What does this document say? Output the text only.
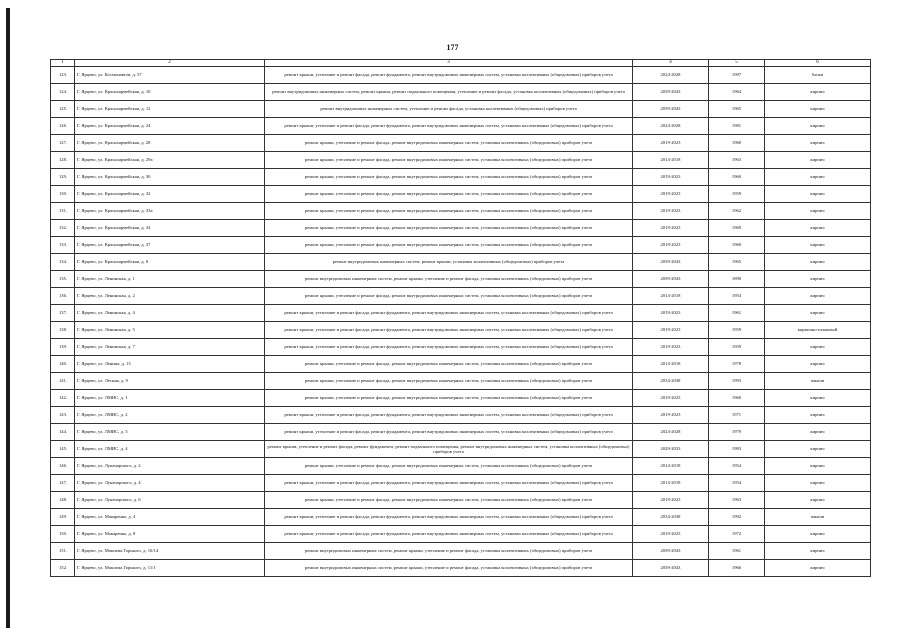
177
1	2	3	4	5	6
123.	Г. Ярцево, ул. Космонавтов, д. 57	ремонт крыши, утепление и ремонт фасада, ремонт фундамента, ремонт внутридомовых инженерных систем, установка коллективных (общедомовых) приборов учета	2024-2028	1997	блоки
124.	Г. Ярцево, ул. Красноармейская, д. 10	ремонт внутридомовых инженерных систем, ремонт крыши, ремонт подвального помещения, утепление и ремонт фасада, установка коллективных (общедомовых) приборов учета	2039-2043	1964	кирпич
125.	Г. Ярцево, ул. Красноармейская, д. 12	ремонт внутридомовых инженерных систем, утепление и ремонт фасада, установка коллективных (общедомовых) приборов учета	2039-2043	1965	кирпич
126.	Г. Ярцево, ул. Красноармейская, д. 24	ремонт крыши, утепление и ремонт фасада, ремонт фундамента, ремонт внутридомовых инженерных систем, установка коллективных (общедомовых) приборов учета	2024-2028	1981	кирпич
127.	Г. Ярцево, ул. Красноармейская, д. 28	ремонт крыши, утепление и ремонт фасада, ремонт внутридомовых инженерных систем, установка коллективных (общедомовых) приборов учета	2019-2023	1960	кирпич
128.	Г. Ярцево, ул. Красноармейская, д. 29а	ремонт крыши, утепление и ремонт фасада, ремонт внутридомовых инженерных систем, установка коллективных (общедомовых) приборов учета	2014-2018	1963	кирпич
129.	Г. Ярцево, ул. Красноармейская, д. 30	ремонт крыши, утепление и ремонт фасада, ремонт внутридомовых инженерных систем, установка коллективных (общедомовых) приборов учета	2019-2023	1960	кирпич
130.	Г. Ярцево, ул. Красноармейская, д. 32	ремонт крыши, утепление и ремонт фасада, ремонт внутридомовых инженерных систем, установка коллективных (общедомовых) приборов учета	2019-2023	1959	кирпич
131.	Г. Ярцево, ул. Красноармейская, д. 33а	ремонт крыши, утепление и ремонт фасада, ремонт внутридомовых инженерных систем, установка коллективных (общедомовых) приборов учета	2019-2023	1962	кирпич
132.	Г. Ярцево, ул. Красноармейская, д. 34	ремонт крыши, утепление и ремонт фасада, ремонт внутридомовых инженерных систем, установка коллективных (общедомовых) приборов учета	2019-2023	1960	кирпич
133.	Г. Ярцево, ул. Красноармейская, д. 37	ремонт крыши, утепление и ремонт фасада, ремонт внутридомовых инженерных систем, установка коллективных (общедомовых) приборов учета	2019-2023	1960	кирпич
134.	Г. Ярцево, ул. Красноармейская, д. 8	ремонт внутридомовых инженерных систем, ремонт крыши, установка коллективных (общедомовых) приборов учета	2039-2043	1965	кирпич
135.	Г. Ярцево, ул. Ленинская, д. 1	ремонт внутридомовых инженерных систем, ремонт крыши, утепление и ремонт фасада, установка коллективных (общедомовых) приборов учета	2039-2043	1890	кирпич
136.	Г. Ярцево, ул. Ленинская, д. 2	ремонт крыши, утепление и ремонт фасада, ремонт внутридомовых инженерных систем, установка коллективных (общедомовых) приборов учета	2014-2018	1954	кирпич
137.	Г. Ярцево, ул. Ленинская, д. 4	ремонт крыши, утепление и ремонт фасада, ремонт фундамента, ремонт внутридомовых инженерных систем, установка коллективных (общедомовых) приборов учета	2019-2023	1961	кирпич
138.	Г. Ярцево, ул. Ленинская, д. 5	ремонт крыши, утепление и ремонт фасада, ремонт фундамента, ремонт внутридомовых инженерных систем, установка коллективных (общедомовых) приборов учета	2019-2023	1959	кирпично-шлаковой
139.	Г. Ярцево, ул. Ленинская, д. 7	ремонт крыши, утепление и ремонт фасада, ремонт фундамента, ремонт внутридомовых инженерных систем, установка коллективных (общедомовых) приборов учета	2019-2023	1959	кирпич
140.	Г. Ярцево, ул. Ленина, д. 15	ремонт крыши, утепление и ремонт фасада, ремонт внутридомовых инженерных систем, установка коллективных (общедомовых) приборов учета	2014-2018	1978	кирпич
141.	Г. Ярцево, ул. Лесная, д. 9	ремонт крыши, утепление и ремонт фасада, ремонт внутридомовых инженерных систем, установка коллективных (общедомовых) приборов учета	2034-2038	1993	панели
142.	Г. Ярцево, ул. ЛМИС, д. 1	ремонт крыши, утепление и ремонт фасада, ремонт внутридомовых инженерных систем, установка коллективных (общедомовых) приборов учета	2019-2023	1960	кирпич
143.	Г. Ярцево, ул. ЛМИС, д. 2	ремонт крыши, утепление и ремонт фасада, ремонт фундамента, ремонт внутридомовых инженерных систем, установка коллективных (общедомовых) приборов учета	2019-2023	1971	кирпич
144.	Г. Ярцево, ул. ЛМИС, д. 3	ремонт крыши, утепление и ремонт фасада, ремонт фундамента, ремонт внутридомовых инженерных систем, установка коллективных (общедомовых) приборов учета	2024-2028	1979	кирпич
145.	Г. Ярцево, ул. ЛМИС, д. 4	ремонт крыши, утепление и ремонт фасада, ремонт фундамента, ремонт подвального помещения, ремонт внутридомовых инженерных систем, установка коллективных (общедомовых) приборов учета	2029-2033	1983	кирпич
146.	Г. Ярцево, ул. Луначарского, д. 2	ремонт крыши, утепление и ремонт фасада, ремонт внутридомовых инженерных систем, установка коллективных (общедомовых) приборов учета	2014-2018	1954	кирпич
147.	Г. Ярцево, ул. Луначарского, д. 4	ремонт крыши, утепление и ремонт фасада, ремонт фундамента, ремонт внутридомовых инженерных систем, установка коллективных (общедомовых) приборов учета	2014-2018	1954	кирпич
148.	Г. Ярцево, ул. Луначарского, д. 6	ремонт крыши, утепление и ремонт фасада, ремонт внутридомовых инженерных систем, установка коллективных (общедомовых) приборов учета	2019-2023	1963	кирпич
149.	Г. Ярцево, ул. Макаренко, д. 4	ремонт крыши, утепление и ремонт фасада, ремонт фундамента, ремонт внутридомовых инженерных систем, установка коллективных (общедомовых) приборов учета	2034-2038	1992	панели
150.	Г. Ярцево, ул. Макаренко, д. 8	ремонт крыши, утепление и ремонт фасада, ремонт фундамента, ремонт внутридомовых инженерных систем, установка коллективных (общедомовых) приборов учета	2019-2023	1972	кирпич
151.	Г. Ярцево, ул. Максима Горького, д. 10/14	ремонт внутридомовых инженерных систем, ремонт крыши, утепление и ремонт фасада, установка коллективных (общедомовых) приборов учета	2039-2043	1961	кирпич
152.	Г. Ярцево, ул. Максима Горького, д. 11/1	ремонт внутридомовых инженерных систем, ремонт крыши, утепление и ремонт фасада, установка коллективных (общедомовых) приборов учета	2039-2043	1966	кирпич
